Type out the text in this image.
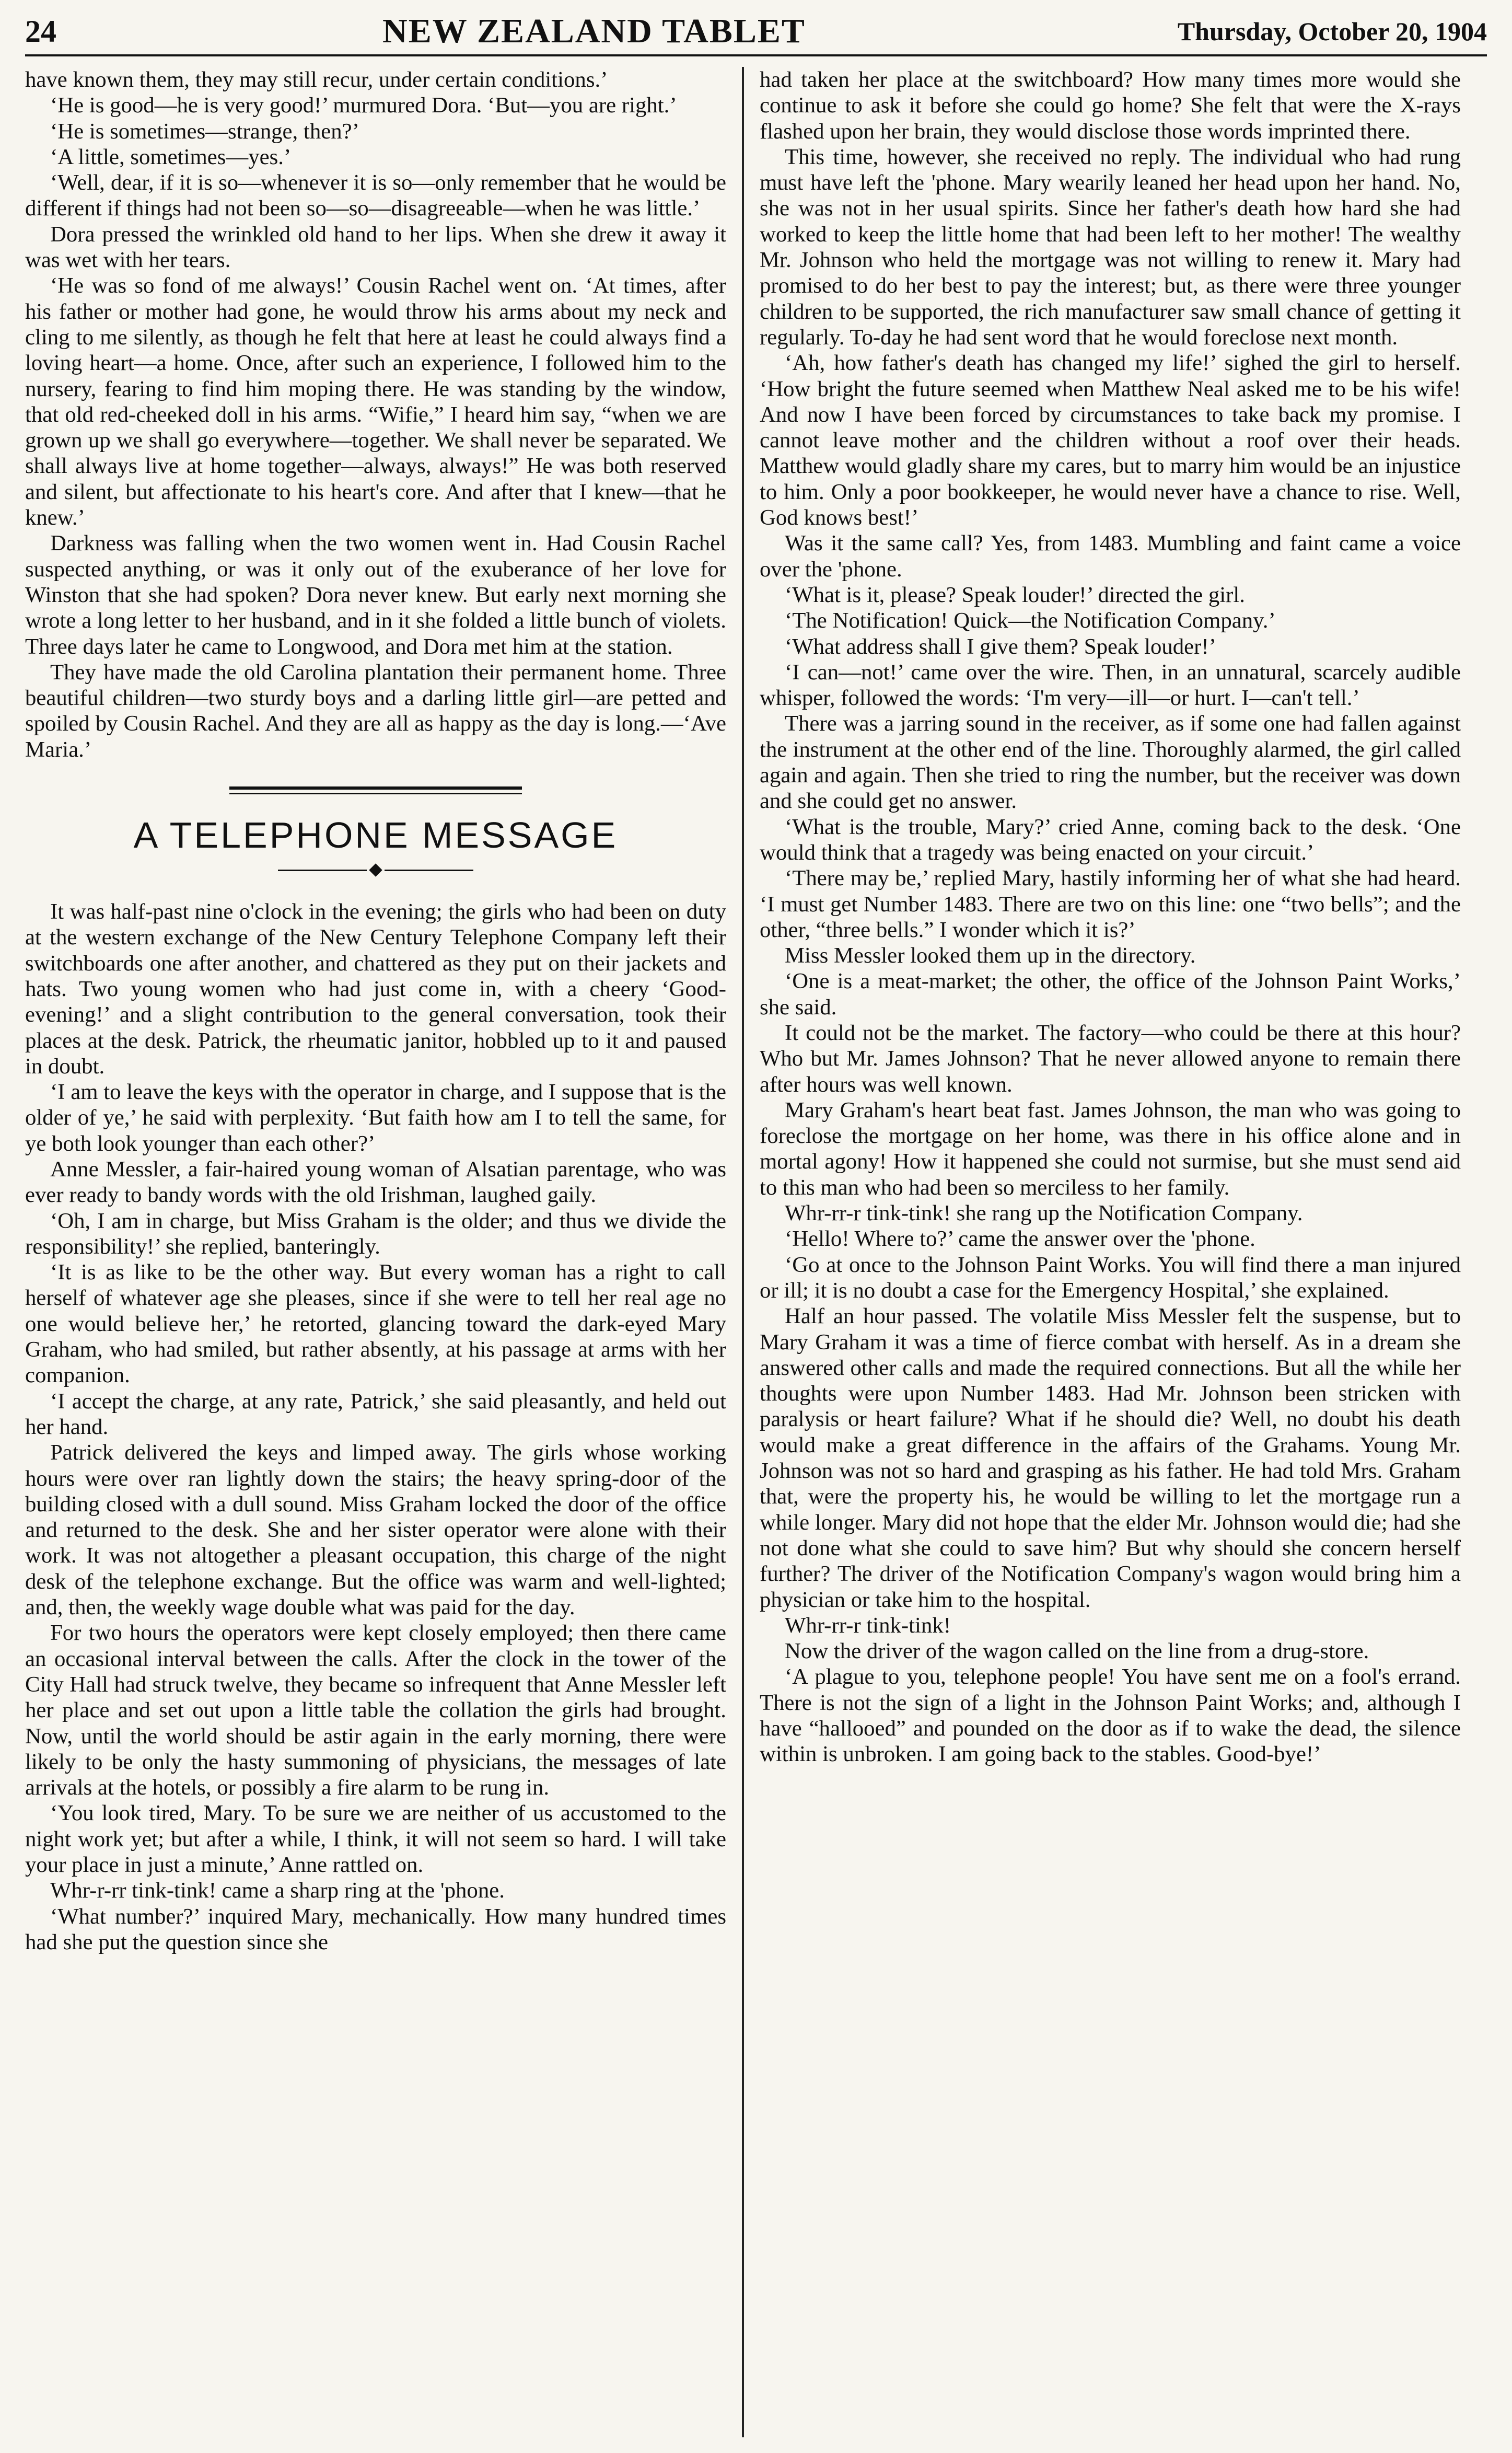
24	NEW ZEALAND TABLET	Thursday, October 20, 1904

have known them, they may still recur, under certain conditions.’

‘He is good—he is very good!’ murmured Dora. ‘But—you are right.’

‘He is sometimes—strange, then?’

‘A little, sometimes—yes.’

‘Well, dear, if it is so—whenever it is so—only remember that he would be different if things had not been so—so—disagreeable—when he was little.’

Dora pressed the wrinkled old hand to her lips. When she drew it away it was wet with her tears.

‘He was so fond of me always!’ Cousin Rachel went on. ‘At times, after his father or mother had gone, he would throw his arms about my neck and cling to me silently, as though he felt that here at least he could always find a loving heart—a home. Once, after such an experience, I followed him to the nursery, fearing to find him moping there. He was standing by the window, that old red-cheeked doll in his arms. “Wifie,” I heard him say, “when we are grown up we shall go everywhere—together. We shall never be separated. We shall always live at home together—always, always!” He was both reserved and silent, but affectionate to his heart's core. And after that I knew—that he knew.’

Darkness was falling when the two women went in. Had Cousin Rachel suspected anything, or was it only out of the exuberance of her love for Winston that she had spoken? Dora never knew. But early next morning she wrote a long letter to her husband, and in it she folded a little bunch of violets. Three days later he came to Longwood, and Dora met him at the station.

They have made the old Carolina plantation their permanent home. Three beautiful children—two sturdy boys and a darling little girl—are petted and spoiled by Cousin Rachel. And they are all as happy as the day is long.—‘Ave Maria.’

A TELEPHONE MESSAGE

It was half-past nine o'clock in the evening; the girls who had been on duty at the western exchange of the New Century Telephone Company left their switchboards one after another, and chattered as they put on their jackets and hats. Two young women who had just come in, with a cheery ‘Good-evening!’ and a slight contribution to the general conversation, took their places at the desk. Patrick, the rheumatic janitor, hobbled up to it and paused in doubt.

‘I am to leave the keys with the operator in charge, and I suppose that is the older of ye,’ he said with perplexity. ‘But faith how am I to tell the same, for ye both look younger than each other?’

Anne Messler, a fair-haired young woman of Alsatian parentage, who was ever ready to bandy words with the old Irishman, laughed gaily.

‘Oh, I am in charge, but Miss Graham is the older; and thus we divide the responsibility!’ she replied, banteringly.

‘It is as like to be the other way. But every woman has a right to call herself of whatever age she pleases, since if she were to tell her real age no one would believe her,’ he retorted, glancing toward the dark-eyed Mary Graham, who had smiled, but rather absently, at his passage at arms with her companion.

‘I accept the charge, at any rate, Patrick,’ she said pleasantly, and held out her hand.

Patrick delivered the keys and limped away. The girls whose working hours were over ran lightly down the stairs; the heavy spring-door of the building closed with a dull sound. Miss Graham locked the door of the office and returned to the desk. She and her sister operator were alone with their work. It was not altogether a pleasant occupation, this charge of the night desk of the telephone exchange. But the office was warm and well-lighted; and, then, the weekly wage double what was paid for the day.

For two hours the operators were kept closely employed; then there came an occasional interval between the calls. After the clock in the tower of the City Hall had struck twelve, they became so infrequent that Anne Messler left her place and set out upon a little table the collation the girls had brought. Now, until the world should be astir again in the early morning, there were likely to be only the hasty summoning of physicians, the messages of late arrivals at the hotels, or possibly a fire alarm to be rung in.

‘You look tired, Mary. To be sure we are neither of us accustomed to the night work yet; but after a while, I think, it will not seem so hard. I will take your place in just a minute,’ Anne rattled on.

Whr-r-rr tink-tink! came a sharp ring at the 'phone.

‘What number?’ inquired Mary, mechanically. How many hundred times had she put the question since she

had taken her place at the switchboard? How many times more would she continue to ask it before she could go home? She felt that were the X-rays flashed upon her brain, they would disclose those words imprinted there.

This time, however, she received no reply. The individual who had rung must have left the 'phone. Mary wearily leaned her head upon her hand. No, she was not in her usual spirits. Since her father's death how hard she had worked to keep the little home that had been left to her mother! The wealthy Mr. Johnson who held the mortgage was not willing to renew it. Mary had promised to do her best to pay the interest; but, as there were three younger children to be supported, the rich manufacturer saw small chance of getting it regularly. To-day he had sent word that he would foreclose next month.

‘Ah, how father's death has changed my life!’ sighed the girl to herself. ‘How bright the future seemed when Matthew Neal asked me to be his wife! And now I have been forced by circumstances to take back my promise. I cannot leave mother and the children without a roof over their heads. Matthew would gladly share my cares, but to marry him would be an injustice to him. Only a poor bookkeeper, he would never have a chance to rise. Well, God knows best!’

Was it the same call? Yes, from 1483. Mumbling and faint came a voice over the 'phone.

‘What is it, please? Speak louder!’ directed the girl.

‘The Notification! Quick—the Notification Company.’

‘What address shall I give them? Speak louder!’

‘I can—not!’ came over the wire. Then, in an unnatural, scarcely audible whisper, followed the words: ‘I'm very—ill—or hurt. I—can't tell.’

There was a jarring sound in the receiver, as if some one had fallen against the instrument at the other end of the line. Thoroughly alarmed, the girl called again and again. Then she tried to ring the number, but the receiver was down and she could get no answer.

‘What is the trouble, Mary?’ cried Anne, coming back to the desk. ‘One would think that a tragedy was being enacted on your circuit.’

‘There may be,’ replied Mary, hastily informing her of what she had heard. ‘I must get Number 1483. There are two on this line: one “two bells”; and the other, “three bells.” I wonder which it is?’

Miss Messler looked them up in the directory.

‘One is a meat-market; the other, the office of the Johnson Paint Works,’ she said.

It could not be the market. The factory—who could be there at this hour? Who but Mr. James Johnson? That he never allowed anyone to remain there after hours was well known.

Mary Graham's heart beat fast. James Johnson, the man who was going to foreclose the mortgage on her home, was there in his office alone and in mortal agony! How it happened she could not surmise, but she must send aid to this man who had been so merciless to her family.

Whr-rr-r tink-tink! she rang up the Notification Company.

‘Hello! Where to?’ came the answer over the 'phone.

‘Go at once to the Johnson Paint Works. You will find there a man injured or ill; it is no doubt a case for the Emergency Hospital,’ she explained.

Half an hour passed. The volatile Miss Messler felt the suspense, but to Mary Graham it was a time of fierce combat with herself. As in a dream she answered other calls and made the required connections. But all the while her thoughts were upon Number 1483. Had Mr. Johnson been stricken with paralysis or heart failure? What if he should die? Well, no doubt his death would make a great difference in the affairs of the Grahams. Young Mr. Johnson was not so hard and grasping as his father. He had told Mrs. Graham that, were the property his, he would be willing to let the mortgage run a while longer. Mary did not hope that the elder Mr. Johnson would die; had she not done what she could to save him? But why should she concern herself further? The driver of the Notification Company's wagon would bring him a physician or take him to the hospital.

Whr-rr-r tink-tink!

Now the driver of the wagon called on the line from a drug-store.

‘A plague to you, telephone people! You have sent me on a fool's errand. There is not the sign of a light in the Johnson Paint Works; and, although I have “hallooed” and pounded on the door as if to wake the dead, the silence within is unbroken. I am going back to the stables. Good-bye!’
